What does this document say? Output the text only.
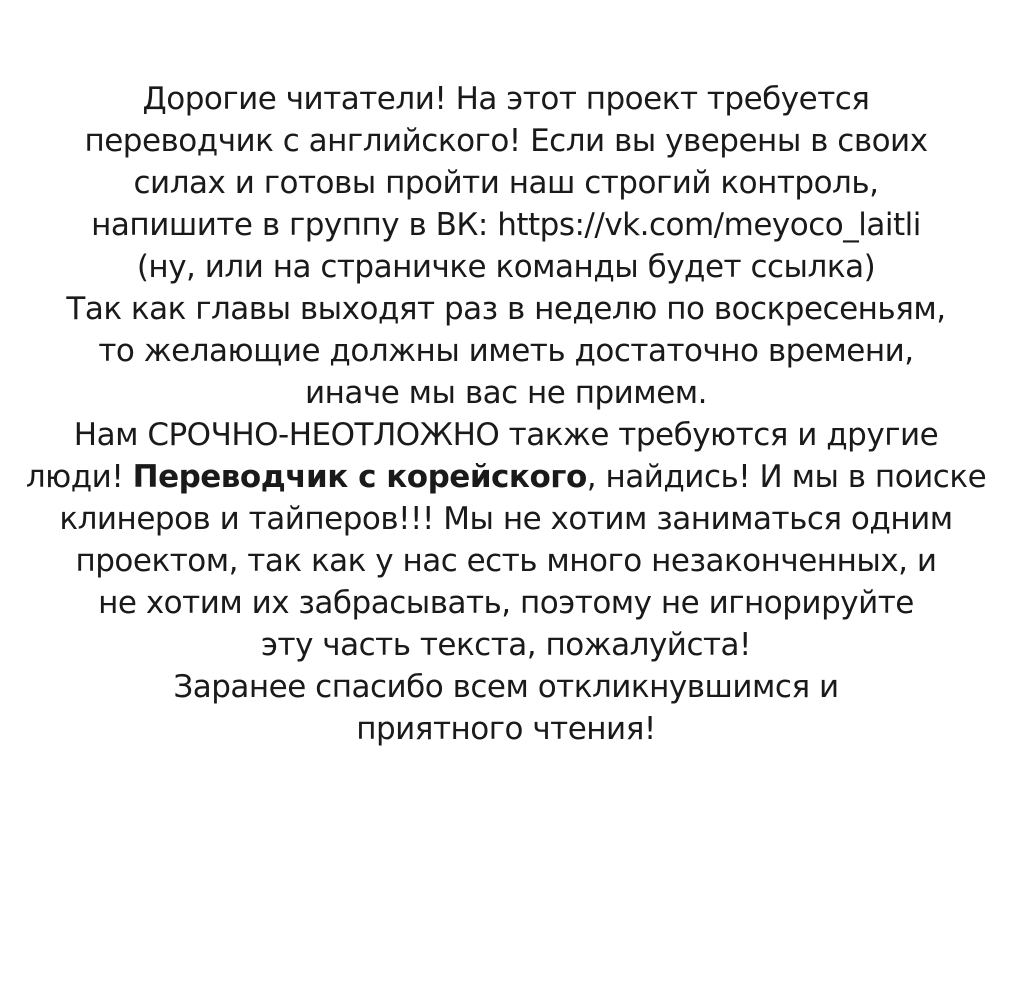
Дорогие читатели! На этот проект требуется
переводчик с английского! Если вы уверены в своих
силах и готовы пройти наш строгий контроль,
напишите в группу в ВК: https://vk.com/meyoco_laitli
(ну, или на страничке команды будет ссылка)
Так как главы выходят раз в неделю по воскресеньям,
то желающие должны иметь достаточно времени,
иначе мы вас не примем.
Нам СРОЧНО-НЕОТЛОЖНО также требуются и другие
люди! Переводчик с корейского, найдись! И мы в поиске
клинеров и тайперов!!! Мы не хотим заниматься одним
проектом, так как у нас есть много незаконченных, и
не хотим их забрасывать, поэтому не игнорируйте
эту часть текста, пожалуйста!
Заранее спасибо всем откликнувшимся и
приятного чтения!
